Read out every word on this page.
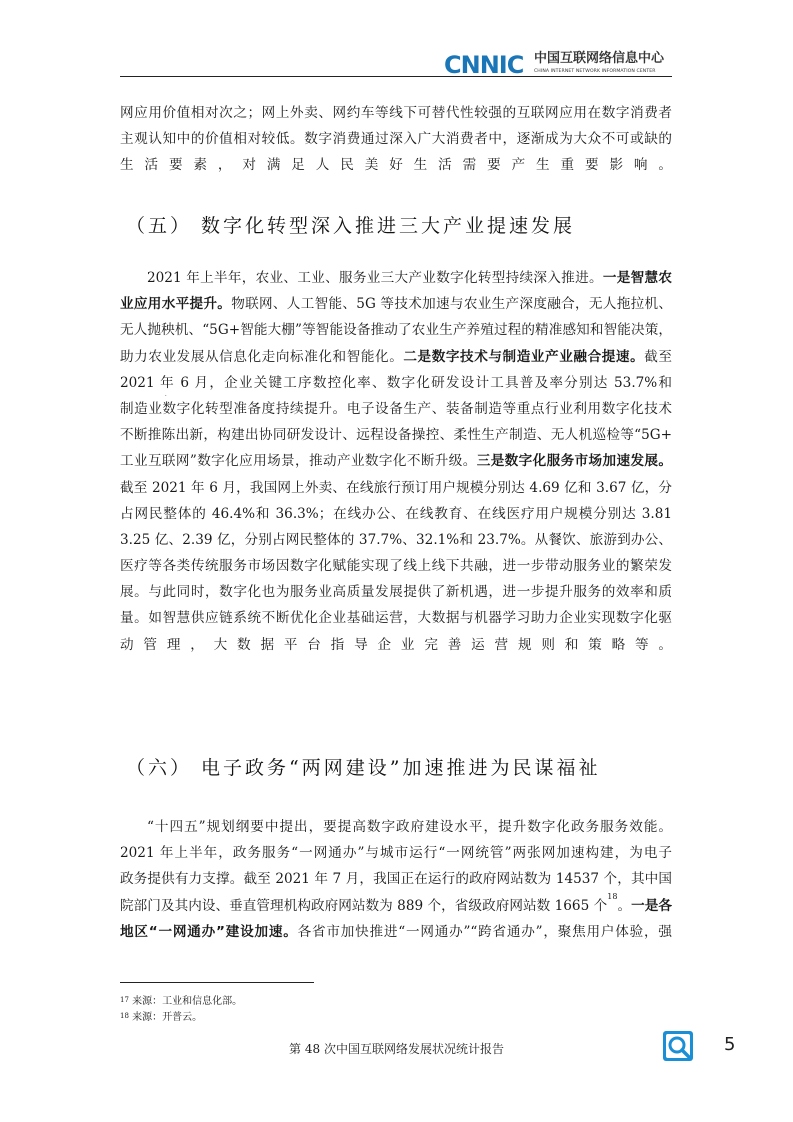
CNNIC 中国互联网络信息中心
CHINA INTERNET NETWORK INFORMATION CENTER
网应用价值相对次之；网上外卖、网约车等线下可替代性较强的互联网应用在数字消费者
主观认知中的价值相对较低。数字消费通过深入广大消费者中，逐渐成为大众不可或缺的
生活要素，对满足人民美好生活需要产生重要影响。
（五） 数字化转型深入推进三大产业提速发展
2021 年上半年，农业、工业、服务业三大产业数字化转型持续深入推进。一是智慧农
业应用水平提升。物联网、人工智能、5G 等技术加速与农业生产深度融合，无人拖拉机、
无人抛秧机、“5G+智能大棚”等智能设备推动了农业生产养殖过程的精准感知和智能决策，
助力农业发展从信息化走向标准化和智能化。二是数字技术与制造业产业融合提速。截至
2021 年 6 月，企业关键工序数控化率、数字化研发设计工具普及率分别达 53.7%和
制造业数字化转型准备度持续提升。电子设备生产、装备制造等重点行业利用数字化技术
不断推陈出新，构建出协同研发设计、远程设备操控、柔性生产制造、无人机巡检等“5G+
工业互联网”数字化应用场景，推动产业数字化不断升级。三是数字化服务市场加速发展。
截至 2021 年 6 月，我国网上外卖、在线旅行预订用户规模分别达 4.69 亿和 3.67 亿，分
占网民整体的 46.4%和 36.3%；在线办公、在线教育、在线医疗用户规模分别达 3.81
3.25 亿、2.39 亿，分别占网民整体的 37.7%、32.1%和 23.7%。从餐饮、旅游到办公、
医疗等各类传统服务市场因数字化赋能实现了线上线下共融，进一步带动服务业的繁荣发
展。与此同时，数字化也为服务业高质量发展提供了新机遇，进一步提升服务的效率和质
量。如智慧供应链系统不断优化企业基础运营，大数据与机器学习助力企业实现数字化驱
动管理，大数据平台指导企业完善运营规则和策略等。
（六） 电子政务“两网建设”加速推进为民谋福祉
“十四五”规划纲要中提出，要提高数字政府建设水平，提升数字化政务服务效能。
2021 年上半年，政务服务“一网通办”与城市运行“一网统管”两张网加速构建，为电子
政务提供有力支撑。截至 2021 年 7 月，我国正在运行的政府网站数为 14537 个，其中国
院部门及其内设、垂直管理机构政府网站数为 889 个，省级政府网站数 1665 个$^{18}$。一是各
地区“一网通办”建设加速。各省市加快推进“一网通办”“跨省通办”，聚焦用户体验，强
$^{17}$ 来源：工业和信息化部。
$^{18}$ 来源：开普云。
第 48 次中国互联网络发展状况统计报告	5
